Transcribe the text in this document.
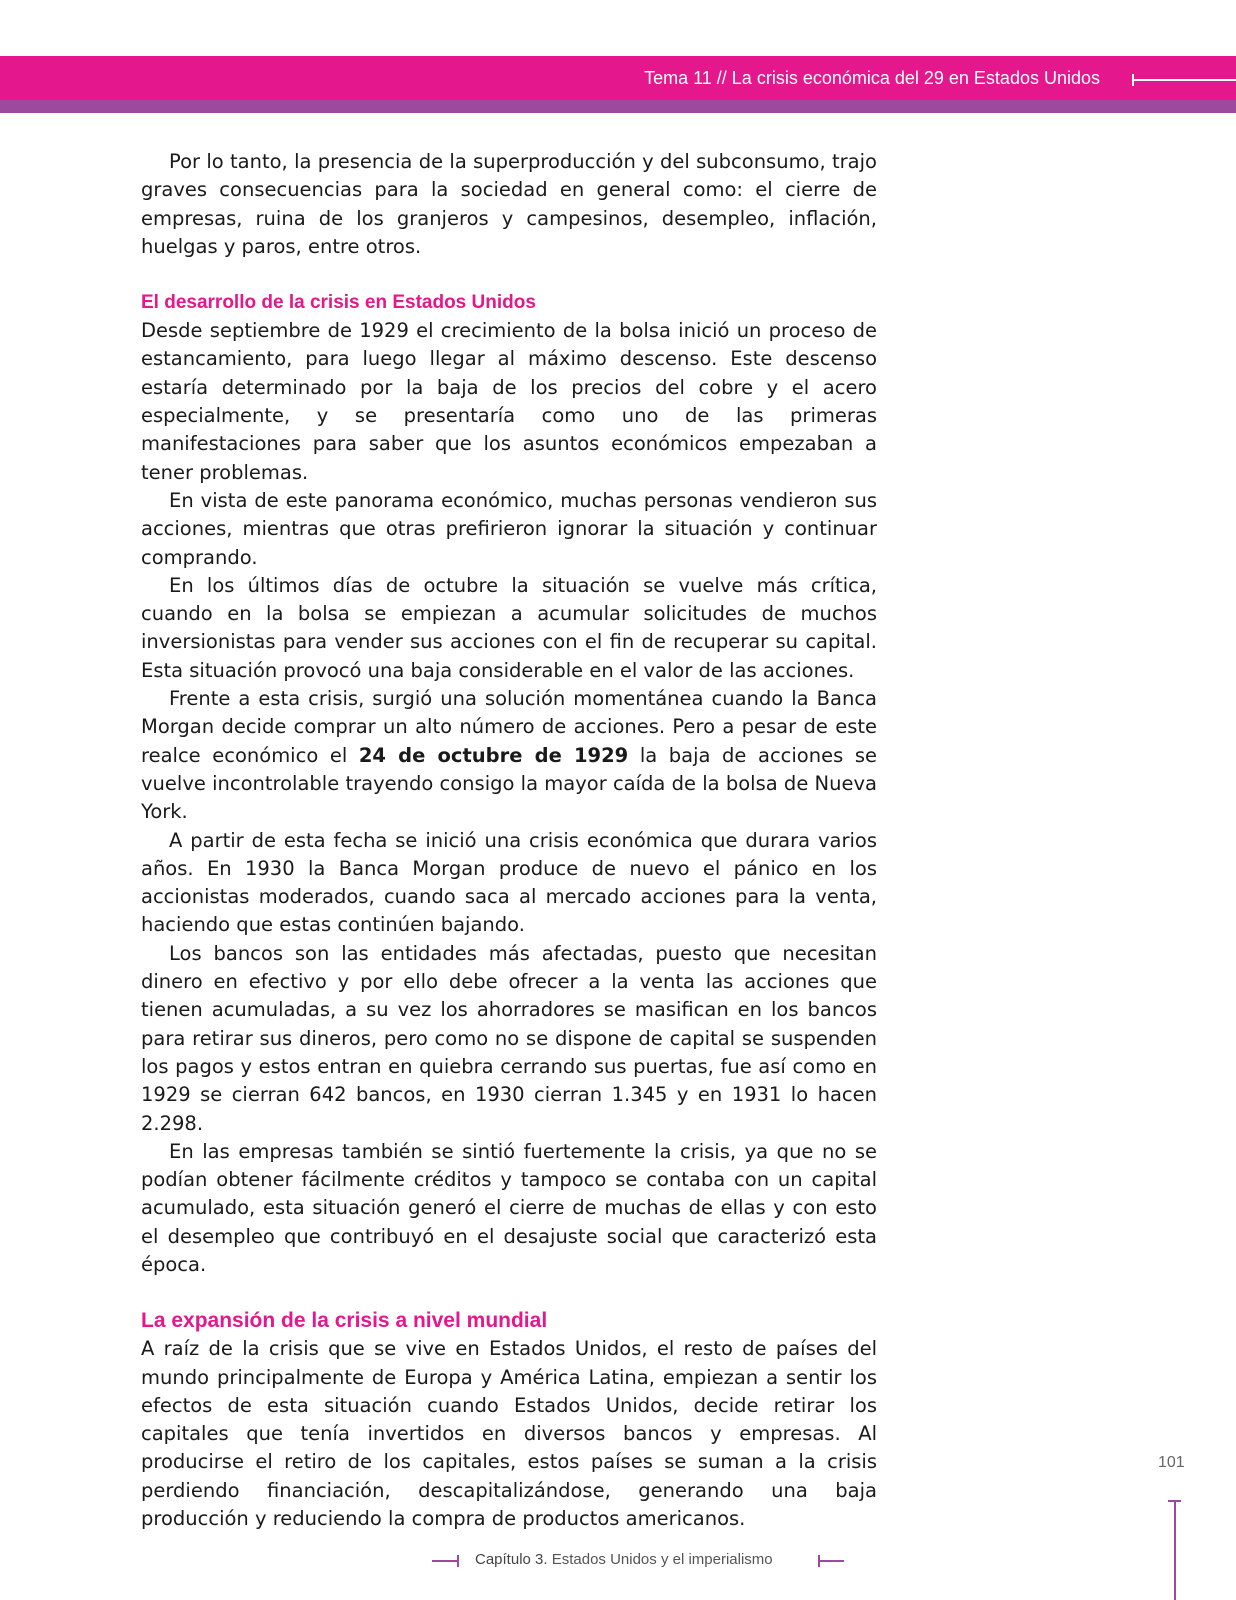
Tema 11 // La crisis económica del 29 en Estados Unidos

Por lo tanto, la presencia de la superproducción y del subconsumo, trajo graves consecuencias para la sociedad en general como: el cierre de empresas, ruina de los granjeros y campesinos, desempleo, inflación, huelgas y paros, entre otros.

El desarrollo de la crisis en Estados Unidos

Desde septiembre de 1929 el crecimiento de la bolsa inició un proceso de estancamiento, para luego llegar al máximo descenso. Este descenso estaría determinado por la baja de los precios del cobre y el acero especialmente, y se presentaría como uno de las primeras manifestaciones para saber que los asuntos económicos empezaban a tener problemas.

En vista de este panorama económico, muchas personas vendieron sus acciones, mientras que otras prefirieron ignorar la situación y continuar comprando.

En los últimos días de octubre la situación se vuelve más crítica, cuando en la bolsa se empiezan a acumular solicitudes de muchos inversionistas para vender sus acciones con el fin de recuperar su capital. Esta situación provocó una baja considerable en el valor de las acciones.

Frente a esta crisis, surgió una solución momentánea cuando la Banca Morgan decide comprar un alto número de acciones. Pero a pesar de este realce económico el 24 de octubre de 1929 la baja de acciones se vuelve incontrolable trayendo consigo la mayor caída de la bolsa de Nueva York.

A partir de esta fecha se inició una crisis económica que durara varios años. En 1930 la Banca Morgan produce de nuevo el pánico en los accionistas moderados, cuando saca al mercado acciones para la venta, haciendo que estas continúen bajando.

Los bancos son las entidades más afectadas, puesto que necesitan dinero en efectivo y por ello debe ofrecer a la venta las acciones que tienen acumuladas, a su vez los ahorradores se masifican en los bancos para retirar sus dineros, pero como no se dispone de capital se suspenden los pagos y estos entran en quiebra cerrando sus puertas, fue así como en 1929 se cierran 642 bancos, en 1930 cierran 1.345 y en 1931 lo hacen 2.298.

En las empresas también se sintió fuertemente la crisis, ya que no se podían obtener fácilmente créditos y tampoco se contaba con un capital acumulado, esta situación generó el cierre de muchas de ellas y con esto el desempleo que contribuyó en el desajuste social que caracterizó esta época.

La expansión de la crisis a nivel mundial

A raíz de la crisis que se vive en Estados Unidos, el resto de países del mundo principalmente de Europa y América Latina, empiezan a sentir los efectos de esta situación cuando Estados Unidos, decide retirar los capitales que tenía invertidos en diversos bancos y empresas. Al producirse el retiro de los capitales, estos países se suman a la crisis perdiendo financiación, descapitalizándose, generando una baja producción y reduciendo la compra de productos americanos.

101
Capítulo 3. Estados Unidos y el imperialismo
